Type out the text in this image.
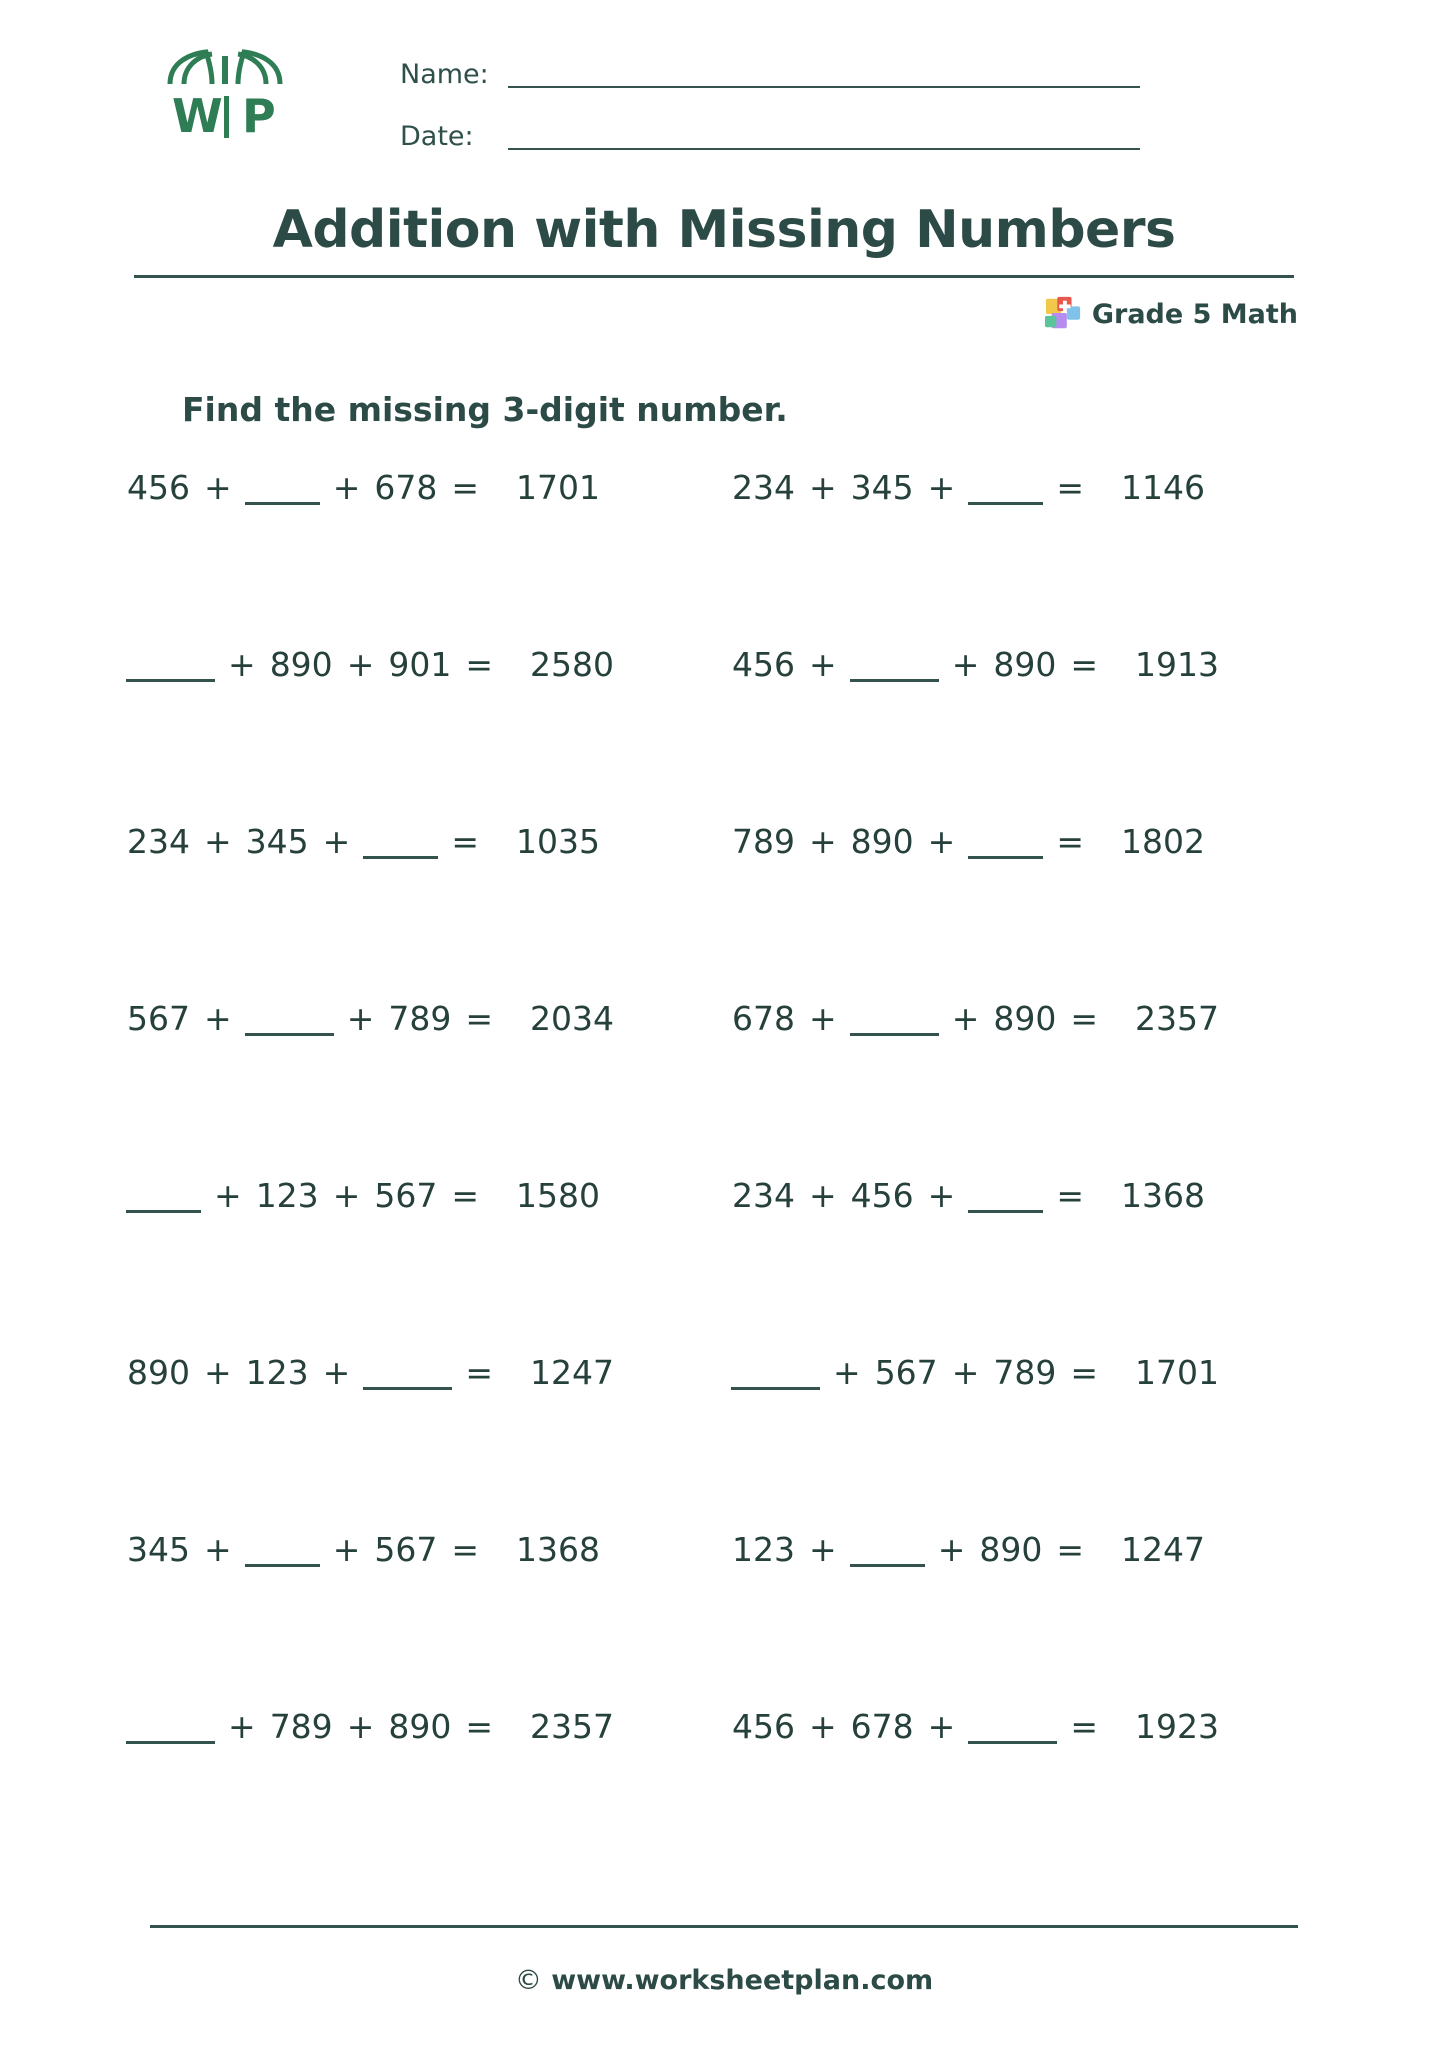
W P
Name:
Date:
Addition with Missing Numbers
Grade 5 Math
Find the missing 3-digit number.
456 +	+ 678 =	1701	234 + 345 +	=	1146
+ 890 + 901 =	2580	456 +	+ 890 =	1913
234 + 345 +	=	1035	789 + 890 +	=	1802
567 +	+ 789 =	2034	678 +	+ 890 =	2357
+ 123 + 567 =	1580	234 + 456 +	=	1368
890 + 123 +	=	1247	+ 567 + 789 =	1701
345 +	+ 567 =	1368	123 +	+ 890 =	1247
+ 789 + 890 =	2357	456 + 678 +	=	1923
© www.worksheetplan.com
